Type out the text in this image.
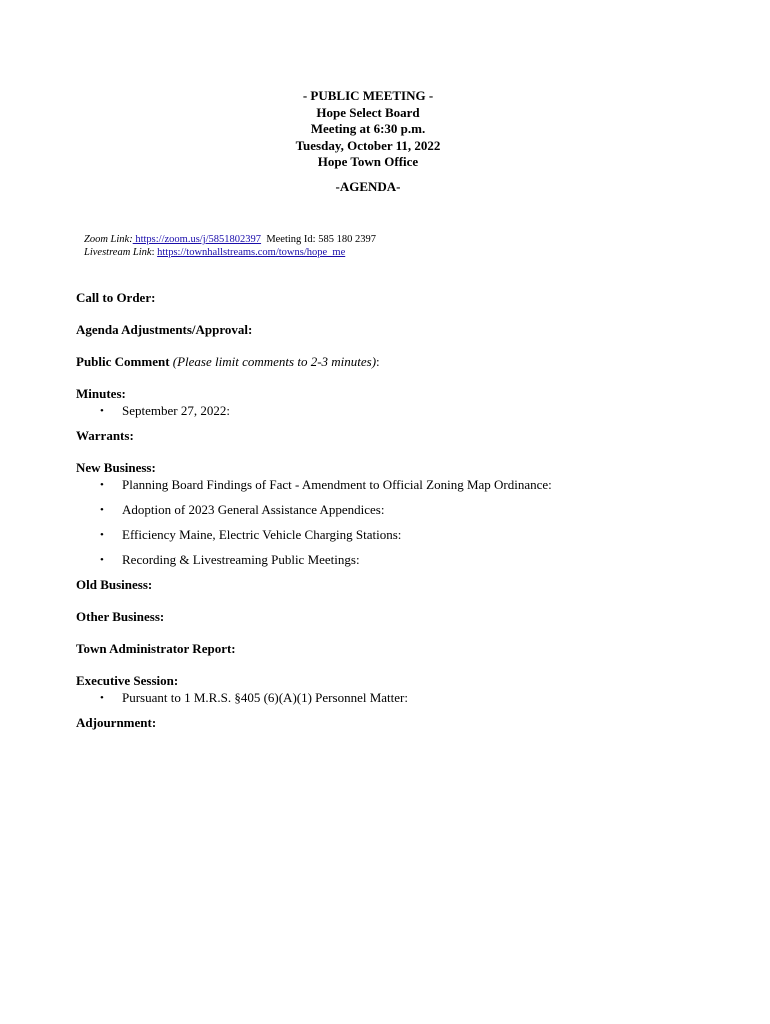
- PUBLIC MEETING -
Hope Select Board
Meeting at 6:30 p.m.
Tuesday, October 11, 2022
Hope Town Office
-AGENDA-
Zoom Link: https://zoom.us/j/5851802397 Meeting Id: 585 180 2397
Livestream Link: https://townhallstreams.com/towns/hope_me
Call to Order:
Agenda Adjustments/Approval:
Public Comment (Please limit comments to 2-3 minutes):
Minutes:
• September 27, 2022:
Warrants:
New Business:
• Planning Board Findings of Fact - Amendment to Official Zoning Map Ordinance:
• Adoption of 2023 General Assistance Appendices:
• Efficiency Maine, Electric Vehicle Charging Stations:
• Recording & Livestreaming Public Meetings:
Old Business:
Other Business:
Town Administrator Report:
Executive Session:
• Pursuant to 1 M.R.S. §405 (6)(A)(1) Personnel Matter:
Adjournment:
